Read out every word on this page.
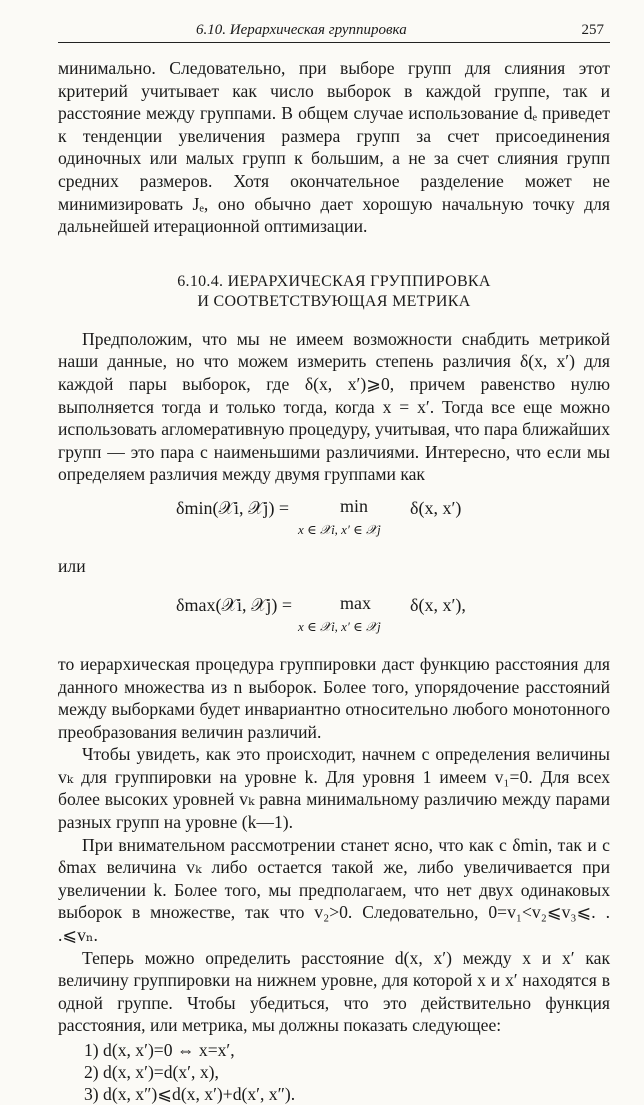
6.10. Иерархическая группировка	257

минимально. Следовательно, при выборе групп для слияния этот критерий учитывает как число выборок в каждой группе, так и расстояние между группами. В общем случае использование dₑ приведет к тенденции увеличения размера групп за счет присоединения одиночных или малых групп к большим, а не за счет слияния групп средних размеров. Хотя окончательное разделение может не минимизировать Jₑ, оно обычно дает хорошую начальную точку для дальнейшей итерационной оптимизации.

6.10.4. ИЕРАРХИЧЕСКАЯ ГРУППИРОВКА
И СООТВЕТСТВУЮЩАЯ МЕТРИКА

Предположим, что мы не имеем возможности снабдить метрикой наши данные, но что можем измерить степень различия δ(x, x′) для каждой пары выборок, где δ(x, x′)⩾0, причем равенство нулю выполняется тогда и только тогда, когда x = x′. Тогда все еще можно использовать агломеративную процедуру, учитывая, что пара ближайших групп — это пара с наименьшими различиями. Интересно, что если мы определяем различия между двумя группами как

δmin(𝒳i, 𝒳j) =	min
x ∈ 𝒳i, x′ ∈ 𝒳j
δ(x, x′)
или
δmax(𝒳i, 𝒳j) =	max
x ∈ 𝒳i, x′ ∈ 𝒳j
δ(x, x′),

то иерархическая процедура группировки даст функцию расстояния для данного множества из n выборок. Более того, упорядочение расстояний между выборками будет инвариантно относительно любого монотонного преобразования величин различий.

Чтобы увидеть, как это происходит, начнем с определения величины vₖ для группировки на уровне k. Для уровня 1 имеем v₁=0. Для всех более высоких уровней vₖ равна минимальному различию между парами разных групп на уровне (k—1).

При внимательном рассмотрении станет ясно, что как с δmin, так и с δmax величина vₖ либо остается такой же, либо увеличивается при увеличении k. Более того, мы предполагаем, что нет двух одинаковых выборок в множестве, так что v₂>0. Следовательно, 0=v₁<v₂⩽v₃⩽. . .⩽vₙ.

Теперь можно определить расстояние d(x, x′) между x и x′ как величину группировки на нижнем уровне, для которой x и x′ находятся в одной группе. Чтобы убедиться, что это действительно функция расстояния, или метрика, мы должны показать следующее:

1) d(x, x′)=0 ⇔ x=x′,
2) d(x, x′)=d(x′, x),
3) d(x, x″)⩽d(x, x′)+d(x′, x″).
